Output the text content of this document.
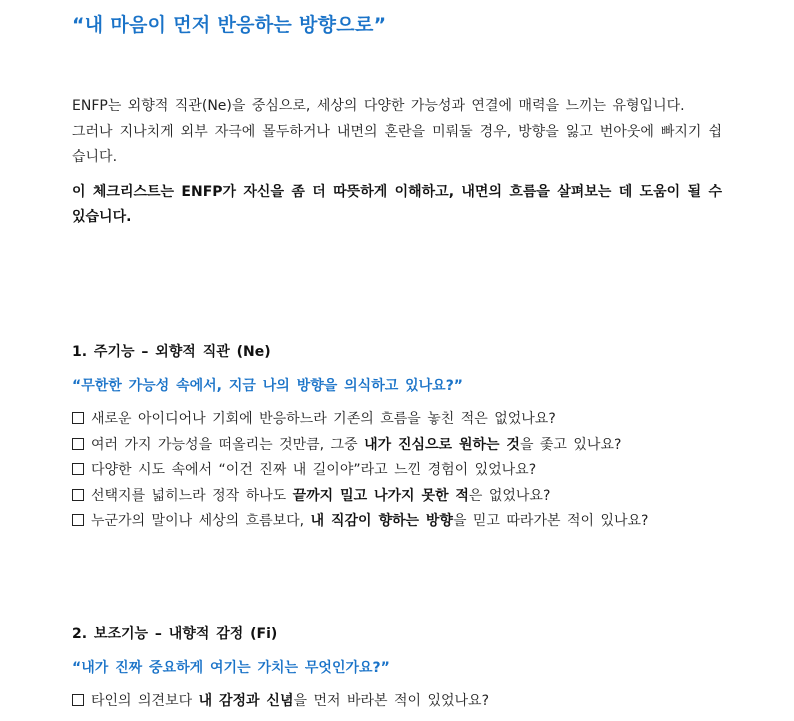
“내 마음이 먼저 반응하는 방향으로”

ENFP는 외향적 직관(Ne)을 중심으로, 세상의 다양한 가능성과 연결에 매력을 느끼는 유형입니다.

그러나 지나치게 외부 자극에 몰두하거나 내면의 혼란을 미뤄둘 경우, 방향을 잃고 번아웃에 빠지기 쉽습니다.

이 체크리스트는 ENFP가 자신을 좀 더 따뜻하게 이해하고, 내면의 흐름을 살펴보는 데 도움이 될 수 있습니다.

1. 주기능 – 외향적 직관 (Ne)
“무한한 가능성 속에서, 지금 나의 방향을 의식하고 있나요?”
새로운 아이디어나 기회에 반응하느라 기존의 흐름을 놓친 적은 없었나요?
여러 가지 가능성을 떠올리는 것만큼, 그중 내가 진심으로 원하는 것을 좇고 있나요?
다양한 시도 속에서 “이건 진짜 내 길이야”라고 느낀 경험이 있었나요?
선택지를 넓히느라 정작 하나도 끝까지 밀고 나가지 못한 적은 없었나요?
누군가의 말이나 세상의 흐름보다, 내 직감이 향하는 방향을 믿고 따라가본 적이 있나요?
2. 보조기능 – 내향적 감정 (Fi)
“내가 진짜 중요하게 여기는 가치는 무엇인가요?”
타인의 의견보다 내 감정과 신념을 먼저 바라본 적이 있었나요?
